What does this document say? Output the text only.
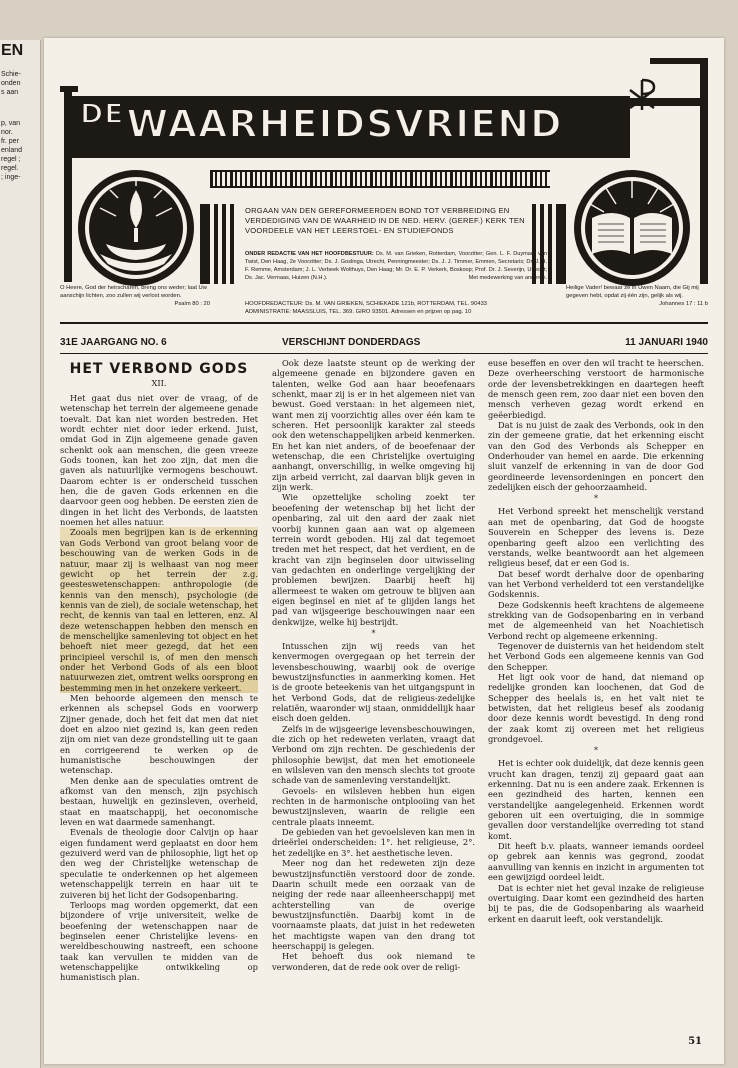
EN
Schie-
onden
s aan
p, van
nor.
fr. per
enland
regel ;
regel.
; inge-
$^{DE}$WAARHEIDSVRIEND
ORGAAN VAN DEN GEREFORMEERDEN BOND TOT VERBREIDING EN VERDEDIGING VAN DE WAARHEID IN DE NED. HERV. (GEREF.) KERK TEN VOORDEELE VAN HET LEERSTOEL- EN STUDIEFONDS
ONDER REDACTIE VAN HET HOOFDBESTUUR: Ds. M. van Grieken, Rotterdam, Voorzitter; Gen. L. F. Duymaer van Twist, Den Haag, 2e Voorzitter; Ds. J. Goslinga, Utrecht, Penningmeester; Ds. J. J. Timmer, Emmen, Secretaris; Dr. J. H. F. Remme, Amsterdam; J. L. Verbeek Wolthuys, Den Haag; Mr. Dr. E. P. Verkerk, Boskoop; Prof. Dr. J. Severijn, Utrecht; Ds. Jac. Vermaas, Huizen (N.H.).	Met medewerking van anderen.
HOOFDREDACTEUR: Ds. M. VAN GRIEKEN, SCHIEKADE 121b, ROTTERDAM, TEL. 90433
ADMINISTRATIE: MAASSLUIS, TEL. 369. GIRO 93501. Adressen en prijzen op pag. 10
O Heere, God der heirscharen, breng ons weder; laat Uw aanschijn lichten, zoo zullen wij verlost worden.
Psalm 80 : 20
Heilige Vader! bewaar ze in Uwen Naam, die Gij mij gegeven hebt, opdat zij één zijn, gelijk als wij.
Johannes 17 : 11 b
31E JAARGANG NO. 6	VERSCHIJNT DONDERDAGS	11 JANUARI 1940
HET VERBOND GODS
XII.

Het gaat dus niet over de vraag, of de wetenschap het terrein der algemeene genade toevalt. Dat kan niet worden bestreden. Het wordt echter niet door ieder erkend. Juist, omdat God in Zijn algemeene genade gaven schenkt ook aan menschen, die geen vreeze Gods toonen, kan het zoo zijn, dat men die gaven als natuurlijke vermogens beschouwt. Daarom echter is er onderscheid tusschen hen, die de gaven Gods erkennen en die daarvoor geen oog hebben. De eersten zien de dingen in het licht des Verbonds, de laatsten noemen het alles natuur.

Zooals men begrijpen kan is de erkenning van Gods Verbond van groot belang voor de beschouwing van de werken Gods in de natuur, maar zij is welhaast van nog meer gewicht op het terrein der z.g. geesteswetenschappen: anthropologie (de kennis van den mensch), psychologie (de kennis van de ziel), de sociale wetenschap, het recht, de kennis van taal en letteren, enz. Al deze wetenschappen hebben den mensch en de menschelijke samenleving tot object en het behoeft niet meer gezegd, dat het een principieel verschil is, of men den mensch onder het Verbond Gods of als een bloot natuurwezen ziet, omtrent welks oorsprong en bestemming men in het onzekere verkeert.

Men behoorde algemeen den mensch te erkennen als schepsel Gods en voorwerp Zijner genade, doch het feit dat men dat niet doet en alzoo niet gezind is, kan geen reden zijn om niet van deze grondstelling uit te gaan en corrigeerend te werken op de humanistische beschouwingen der wetenschap.

Men denke aan de speculaties omtrent de afkomst van den mensch, zijn psychisch bestaan, huwelijk en gezinsleven, overheid, staat en maatschappij, het oeconomische leven en wat daarmede samenhangt.

Evenals de theologie door Calvijn op haar eigen fundament werd geplaatst en door hem gezuiverd werd van de philosophie, ligt het op den weg der Christelijke wetenschap de speculatie te onderkennen op het algemeen wetenschappelijk terrein en haar uit te zuiveren bij het licht der Godsopenbaring.

Terloops mag worden opgemerkt, dat een bijzondere of vrije universiteit, welke de beoefening der wetenschappen naar de beginselen eener Christelijke levens- en wereldbeschouwing nastreeft, een schoone taak kan vervullen te midden van de wetenschappelijke ontwikkeling op humanistisch plan.

Ook deze laatste steunt op de werking der algemeene genade en bijzondere gaven en talenten, welke God aan haar beoefenaars schenkt, maar zij is er in het algemeen niet van bewust. Goed verstaan: in het algemeen niet, want men zij voorzichtig alles over één kam te scheren. Het persoonlijk karakter zal steeds ook den wetenschappelijken arbeid kenmerken. En het kan niet anders, of de beoefenaar der wetenschap, die een Christelijke overtuiging aanhangt, onverschillig, in welke omgeving hij zijn arbeid verricht, zal daarvan blijk geven in zijn werk.

Wie opzettelijke scholing zoekt ter beoefening der wetenschap bij het licht der openbaring, zal uit den aard der zaak niet voorbij kunnen gaan aan wat op algemeen terrein wordt geboden. Hij zal dat tegemoet treden met het respect, dat het verdient, en de kracht van zijn beginselen door uitwisseling van gedachten en onderlinge vergelijking der problemen bewijzen. Daarbij heeft hij allermeest te waken om getrouw te blijven aan eigen beginsel en niet af te glijden langs het pad van wijsgeerige beschouwingen naar een denkwijze, welke hij bestrijdt.

*

Intusschen zijn wij reeds van het kenvermogen overgegaan op het terrein der levensbeschouwing, waarbij ook de overige bewustzijnsfuncties in aanmerking komen. Het is de groote beteekenis van het uitgangspunt in het Verbond Gods, dat de religieus-zedelijke relatiën, waaronder wij staan, onmiddellijk haar eisch doen gelden.

Zelfs in de wijsgeerige levensbeschouwingen, die zich op het redeweten verlaten, vraagt dat Verbond om zijn rechten. De geschiedenis der philosophie bewijst, dat men het emotioneele en wilsleven van den mensch slechts tot groote schade van de samenleving verstandelijkt.

Gevoels- en wilsleven hebben hun eigen rechten in de harmonische ontplooiing van het bewustzijnsleven, waarin de religie een centrale plaats inneemt.

De gebieden van het gevoelsleven kan men in drieërlei onderscheiden: 1°. het religieuse, 2°. het zedelijke en 3°. het aesthetische leven.

Meer nog dan het redeweten zijn deze bewustzijnsfunctiën verstoord door de zonde. Daarin schuilt mede een oorzaak van de neiging der rede naar alleenheerschappij met achterstelling van de overige bewustzijnsfunctiën. Daarbij komt in de voornaamste plaats, dat juist in het redeweten het machtigste wapen van den drang tot heerschappij is gelegen.

Het behoeft dus ook niemand te verwonderen, dat de rede ook over de religi-

euse beseffen en over den wil tracht te heerschen. Deze overheersching verstoort de harmonische orde der levensbetrekkingen en daartegen heeft de mensch geen rem, zoo daar niet een boven den mensch verheven gezag wordt erkend en geëerbiedigd.

Dat is nu juist de zaak des Verbonds, ook in den zin der gemeene gratie, dat het erkenning eischt van den God des Verbonds als Schepper en Onderhouder van hemel en aarde. Die erkenning sluit vanzelf de erkenning in van de door God geordineerde levensordeningen en poncert den zedelijken eisch der gehoorzaamheid.

*

Het Verbond spreekt het menschelijk verstand aan met de openbaring, dat God de hoogste Souverein en Schepper des levens is. Deze openbaring geeft alzoo een verlichting des verstands, welke beantwoordt aan het algemeen religieus besef, dat er een God is.

Dat besef wordt derhalve door de openbaring van het Verbond verhelderd tot een verstandelijke Godskennis.

Deze Godskennis heeft krachtens de algemeene strekking van de Godsopenbaring en in verband met de algemeenheid van het Noachietisch Verbond recht op algemeene erkenning.

Tegenover de duisternis van het heidendom stelt het Verbond Gods een algemeene kennis van God den Schepper.

Het ligt ook voor de hand, dat niemand op redelijke gronden kan loochenen, dat God de Schepper des heelals is, en het valt niet te betwisten, dat het religieus besef als zoodanig door deze kennis wordt bevestigd. In deng rond der zaak komt zij overeen met het religieus grondgevoel.

*

Het is echter ook duidelijk, dat deze kennis geen vrucht kan dragen, tenzij zij gepaard gaat aan erkenning. Dat nu is een andere zaak. Erkennen is een gezindheid des harten, kennen een verstandelijke aangelegenheid. Erkennen wordt geboren uit een overtuiging, die in sommige gevallen door verstandelijke overreding tot stand komt.

Dit heeft b.v. plaats, wanneer iemands oordeel op gebrek aan kennis was gegrond, zoodat aanvulling van kennis en inzicht in argumenten tot een gewijzigd oordeel leidt.

Dat is echter niet het geval inzake de religieuse overtuiging. Daar komt een gezindheid des harten bij te pas, die de Godsopenbaring als waarheid erkent en daaruit leeft, ook verstandelijk.

51
